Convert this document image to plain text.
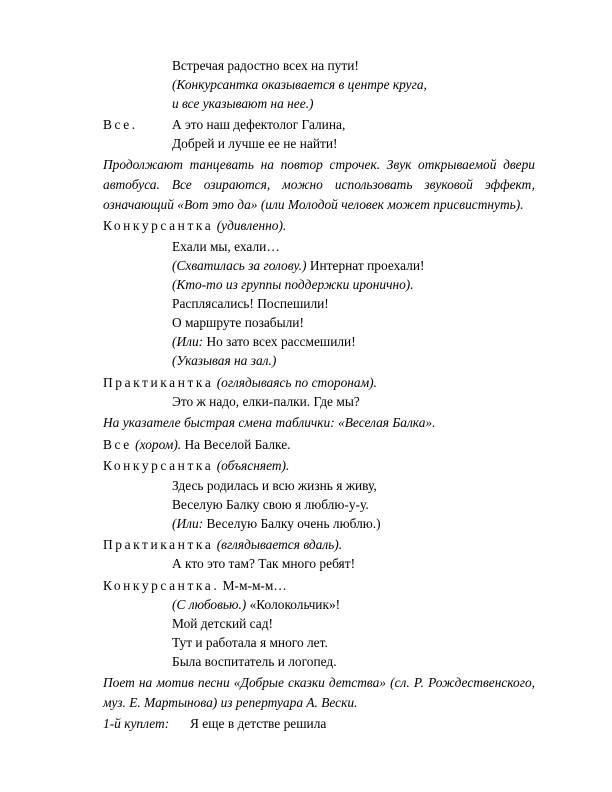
Встречая радостно всех на пути!
(Конкурсантка оказывается в центре круга,
и все указывают на нее.)
Все.	А это наш дефектолог Галина,
Добрей и лучше ее не найти!
Продолжают танцевать на повтор строчек. Звук открываемой двери
автобуса. Все озираются, можно использовать звуковой эффект,
означающий «Вот это да» (или Молодой человек может присвистнуть).
Конкурсантка (удивленно).
Ехали мы, ехали…
(Схватилась за голову.) Интернат проехали!
(Кто-то из группы поддержки иронично).
Расплясались! Поспешили!
О маршруте позабыли!
(Или: Но зато всех рассмешили!
(Указывая на зал.)
Практикантка (оглядываясь по сторонам).
Это ж надо, елки-палки. Где мы?
На указателе быстрая смена таблички: «Веселая Балка».
Все (хором). На Веселой Балке.
Конкурсантка (объясняет).
Здесь родилась и всю жизнь я живу,
Веселую Балку свою я люблю-у-у.
(Или: Веселую Балку очень люблю.)
Практикантка (вглядывается вдаль).
А кто это там? Так много ребят!
Конкурсантка. М-м-м-м…
(С любовью.) «Колокольчик»!
Мой детский сад!
Тут и работала я много лет.
Была воспитатель и логопед.
Поет на мотив песни «Добрые сказки детства» (сл. Р. Рождественского,
муз. Е. Мартынова) из репертуара А. Вески.
1-й куплет: Я еще в детстве решила
